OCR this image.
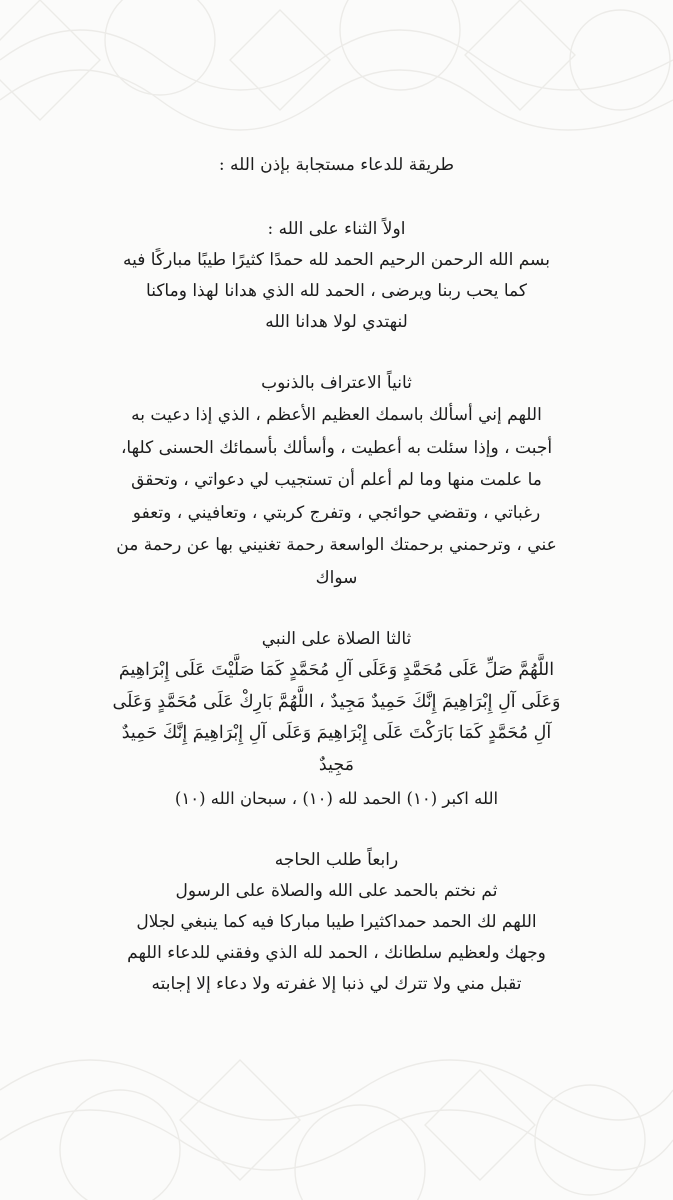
طريقة للدعاء مستجابة بإذن الله :
اولاً الثناء على الله :
بسم الله الرحمن الرحيم الحمد لله حمدًا كثيرًا طيبًا مباركًا فيه
كما يحب ربنا ويرضى ، الحمد لله الذي هدانا لهذا وماكنا
لنهتدي لولا هدانا الله
ثانياً الاعتراف بالذنوب
اللهم إني أسألك باسمك العظيم الأعظم ، الذي إذا دعيت به
أجبت ، وإذا سئلت به أعطيت ، وأسألك بأسمائك الحسنى كلها،
ما علمت منها وما لم أعلم أن تستجيب لي دعواتي ، وتحقق
رغباتي ، وتقضي حوائجي ، وتفرج كربتي ، وتعافيني ، وتعفو
عني ، وترحمني برحمتك الواسعة رحمة تغنيني بها عن رحمة من
سواك
ثالثا الصلاة على النبي
اللَّهُمَّ صَلِّ عَلَى مُحَمَّدٍ وَعَلَى آلِ مُحَمَّدٍ كَمَا صَلَّيْتَ عَلَى إِبْرَاهِيمَ
وَعَلَى آلِ إِبْرَاهِيمَ إِنَّكَ حَمِيدٌ مَجِيدٌ ، اللَّهُمَّ بَارِكْ عَلَى مُحَمَّدٍ وَعَلَى
آلِ مُحَمَّدٍ كَمَا بَارَكْتَ عَلَى إِبْرَاهِيمَ وَعَلَى آلِ إِبْرَاهِيمَ إِنَّكَ حَمِيدٌ
مَجِيدٌ
الله اكبر (١٠) الحمد لله (١٠) ، سبحان الله (١٠)
رابعاً طلب الحاجه
ثم نختم بالحمد على الله والصلاة على الرسول
اللهم لك الحمد حمداكثيرا طيبا مباركا فيه كما ينبغي لجلال
وجهك ولعظيم سلطانك ، الحمد لله الذي وفقني للدعاء اللهم
تقبل مني ولا تترك لي ذنبا إلا غفرته ولا دعاء إلا إجابته
